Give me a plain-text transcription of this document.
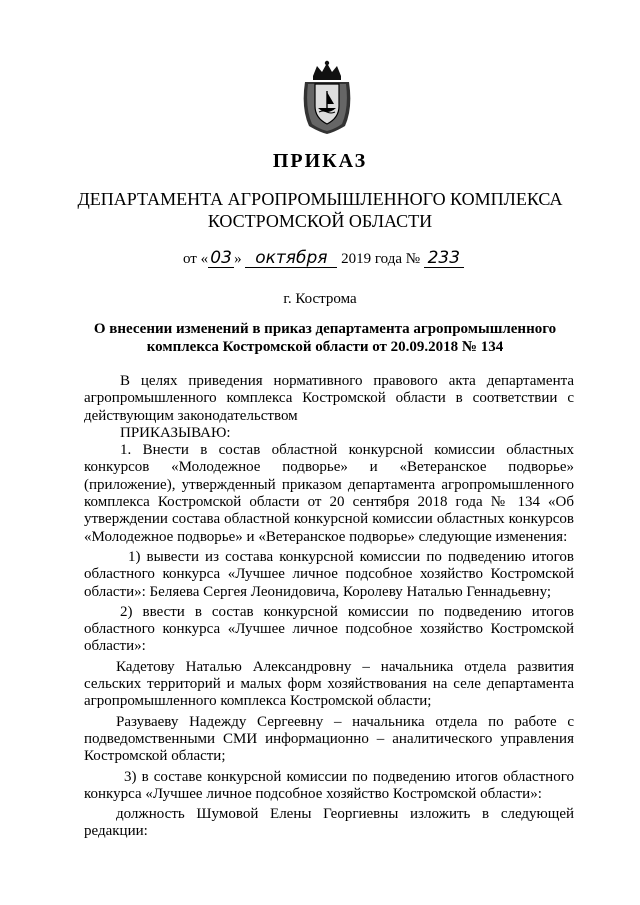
ПРИКАЗ
ДЕПАРТАМЕНТА АГРОПРОМЫШЛЕННОГО КОМПЛЕКСА
КОСТРОМСКОЙ ОБЛАСТИ
от « 03 » октября 2019 года № 233
г. Кострома
О внесении изменений в приказ департамента агропромышленного комплекса Костромской области от 20.09.2018 № 134

В целях приведения нормативного правового акта департамента агропромышленного комплекса Костромской области в соответствии с действующим законодательством

ПРИКАЗЫВАЮ:

1. Внести в состав областной конкурсной комиссии областных конкурсов «Молодежное подворье» и «Ветеранское подворье» (приложение), утвержденный приказом департамента агропромышленного комплекса Костромской области от 20 сентября 2018 года № 134 «Об утверждении состава областной конкурсной комиссии областных конкурсов «Молодежное подворье» и «Ветеранское подворье» следующие изменения:

1) вывести из состава конкурсной комиссии по подведению итогов областного конкурса «Лучшее личное подсобное хозяйство Костромской области»: Беляева Сергея Леонидовича, Королеву Наталью Геннадьевну;

2) ввести в состав конкурсной комиссии по подведению итогов областного конкурса «Лучшее личное подсобное хозяйство Костромской области»:

Кадетову Наталью Александровну – начальника отдела развития сельских территорий и малых форм хозяйствования на селе департамента агропромышленного комплекса Костромской области;

Разуваеву Надежду Сергеевну – начальника отдела по работе с подведомственными СМИ информационно – аналитического управления Костромской области;

3) в составе конкурсной комиссии по подведению итогов областного конкурса «Лучшее личное подсобное хозяйство Костромской области»:

должность Шумовой Елены Георгиевны изложить в следующей редакции:
